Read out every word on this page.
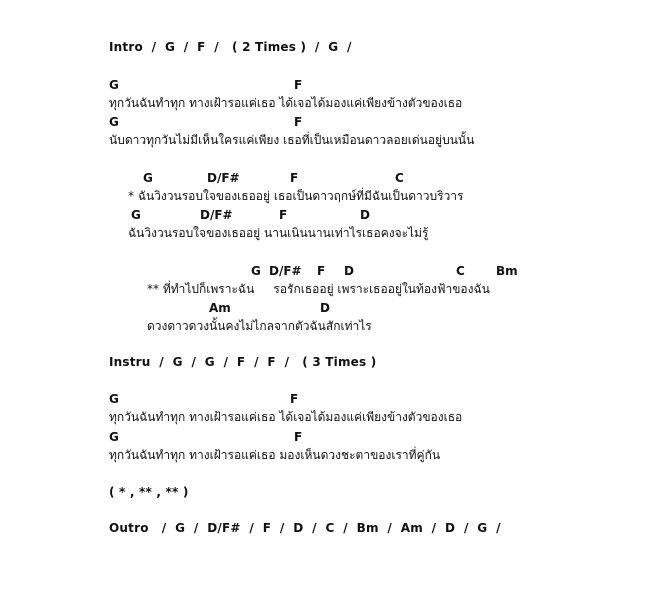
Intro  /  G  /  F  /   ( 2 Times )  /  G  /
G	F
ทุกวันฉันทำทุก ทางเฝ้ารอแค่เธอ ได้เจอได้มองแค่เพียงข้างตัวของเธอ
G	F
นับดาวทุกวันไม่มีเห็นใครแค่เพียง เธอที่เป็นเหมือนดาวลอยเด่นอยู่บนนั้น
G	D/F#	F	C
* ฉันวิงวนรอบใจของเธออยู่ เธอเป็นดาวฤกษ์ที่มีฉันเป็นดาวบริวาร
G	D/F#	F	D
ฉันวิงวนรอบใจของเธออยู่ นานเนินนานเท่าไรเธอคงจะไม่รู้
G D/F# F D	C	Bm
** ที่ทำไปก็เพราะฉัน     รอรักเธออยู่ เพราะเธออยู่ในท้องฟ้าของฉัน
Am	D
ดวงดาวดวงนั้นคงไม่ไกลจากตัวฉันสักเท่าไร
Instru  /  G  /  G  /  F  /  F  /   ( 3 Times )
G	F
ทุกวันฉันทำทุก ทางเฝ้ารอแค่เธอ ได้เจอได้มองแค่เพียงข้างตัวของเธอ
G	F
ทุกวันฉันทำทุก ทางเฝ้ารอแค่เธอ มองเห็นดวงชะตาของเราที่คู่กัน
( * , ** , ** )
Outro   /  G  /  D/F#  /  F  /  D  /  C  /  Bm  /  Am  /  D  /  G  /
